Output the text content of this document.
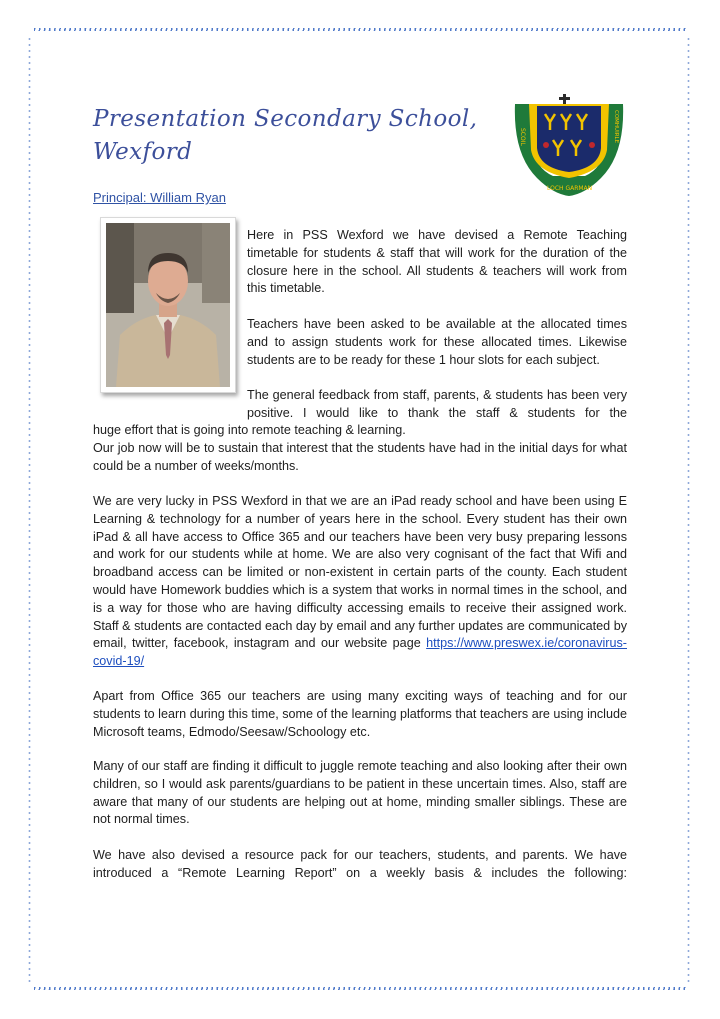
Presentation Secondary School,
Wexford
Principal: William Ryan
SCOIL	COMHUIRLE
LOCH GARMAN

Here in PSS Wexford we have devised a Remote Teaching timetable for students & staff that will work for the duration of the closure here in the school. All students & teachers will work from this timetable.

Teachers have been asked to be available at the allocated times and to assign students work for these allocated times. Likewise students are to be ready for these 1 hour slots for each subject.

The general feedback from staff, parents, & students has been very positive. I would like to thank the staff & students for the

huge effort that is going into remote teaching & learning.

Our job now will be to sustain that interest that the students have had in the initial days for what could be a number of weeks/months.

We are very lucky in PSS Wexford in that we are an iPad ready school and have been using E Learning & technology for a number of years here in the school. Every student has their own iPad & all have access to Office 365 and our teachers have been very busy preparing lessons and work for our students while at home. We are also very cognisant of the fact that Wifi and broadband access can be limited or non-existent in certain parts of the county. Each student would have Homework buddies which is a system that works in normal times in the school, and is a way for those who are having difficulty accessing emails to receive their assigned work. Staff & students are contacted each day by email and any further updates are communicated by email, twitter, facebook, instagram and our website page https://www.preswex.ie/coronavirus-covid-19/

Apart from Office 365 our teachers are using many exciting ways of teaching and for our students to learn during this time, some of the learning platforms that teachers are using include Microsoft teams, Edmodo/Seesaw/Schoology etc.

Many of our staff are finding it difficult to juggle remote teaching and also looking after their own children, so I would ask parents/guardians to be patient in these uncertain times. Also, staff are aware that many of our students are helping out at home, minding smaller siblings. These are not normal times.

We have also devised a resource pack for our teachers, students, and parents. We have introduced a “Remote Learning Report” on a weekly basis & includes the following:
